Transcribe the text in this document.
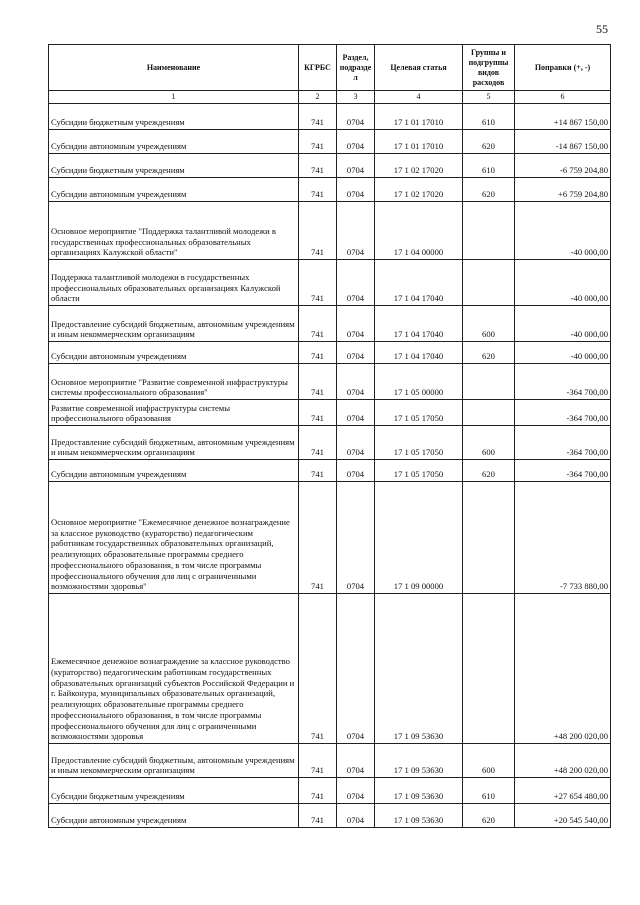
55
Наименование	КГРБС	Раздел, подразде л	Целевая статья	Группы и подгруппы видов расходов	Поправки (+, -)
1	2	3	4	5	6
Субсидии бюджетным учреждениям	741	0704	17 1 01 17010	610	+14 867 150,00
Субсидии автономным учреждениям	741	0704	17 1 01 17010	620	-14 867 150,00
Субсидии бюджетным учреждениям	741	0704	17 1 02 17020	610	-6 759 204,80
Субсидии автономным учреждениям	741	0704	17 1 02 17020	620	+6 759 204,80
Основное мероприятие "Поддержка талантливой молодежи в государственных профессиональных образовательных организациях Калужской области"	741	0704	17 1 04 00000		-40 000,00
Поддержка талантливой молодежи в государственных профессиональных образовательных организациях Калужской области	741	0704	17 1 04 17040		-40 000,00
Предоставление субсидий бюджетным, автономным учреждениям и иным некоммерческим организациям	741	0704	17 1 04 17040	600	-40 000,00
Субсидии автономным учреждениям	741	0704	17 1 04 17040	620	-40 000,00
Основное мероприятие "Развитие современной инфраструктуры системы профессионального образования"	741	0704	17 1 05 00000		-364 700,00
Развитие современной инфраструктуры системы профессионального образования	741	0704	17 1 05 17050		-364 700,00
Предоставление субсидий бюджетным, автономным учреждениям и иным некоммерческим организациям	741	0704	17 1 05 17050	600	-364 700,00
Субсидии автономным учреждениям	741	0704	17 1 05 17050	620	-364 700,00
Основное мероприятие "Ежемесячное денежное вознаграждение за классное руководство (кураторство) педагогическим работникам государственных образовательных организаций, реализующих образовательные программы среднего профессионального образования, в том числе программы профессионального обучения для лиц с ограниченными возможностями здоровья"	741	0704	17 1 09 00000		-7 733 880,00
Ежемесячное денежное вознаграждение за классное руководство (кураторство) педагогическим работникам государственных образовательных организаций субъектов Российской Федерации и г. Байконура, муниципальных образовательных организаций, реализующих образовательные программы среднего профессионального образования, в том числе программы профессионального обучения для лиц с ограниченными возможностями здоровья	741	0704	17 1 09 53630		+48 200 020,00
Предоставление субсидий бюджетным, автономным учреждениям и иным некоммерческим организациям	741	0704	17 1 09 53630	600	+48 200 020,00
Субсидии бюджетным учреждениям	741	0704	17 1 09 53630	610	+27 654 480,00
Субсидии автономным учреждениям	741	0704	17 1 09 53630	620	+20 545 540,00
